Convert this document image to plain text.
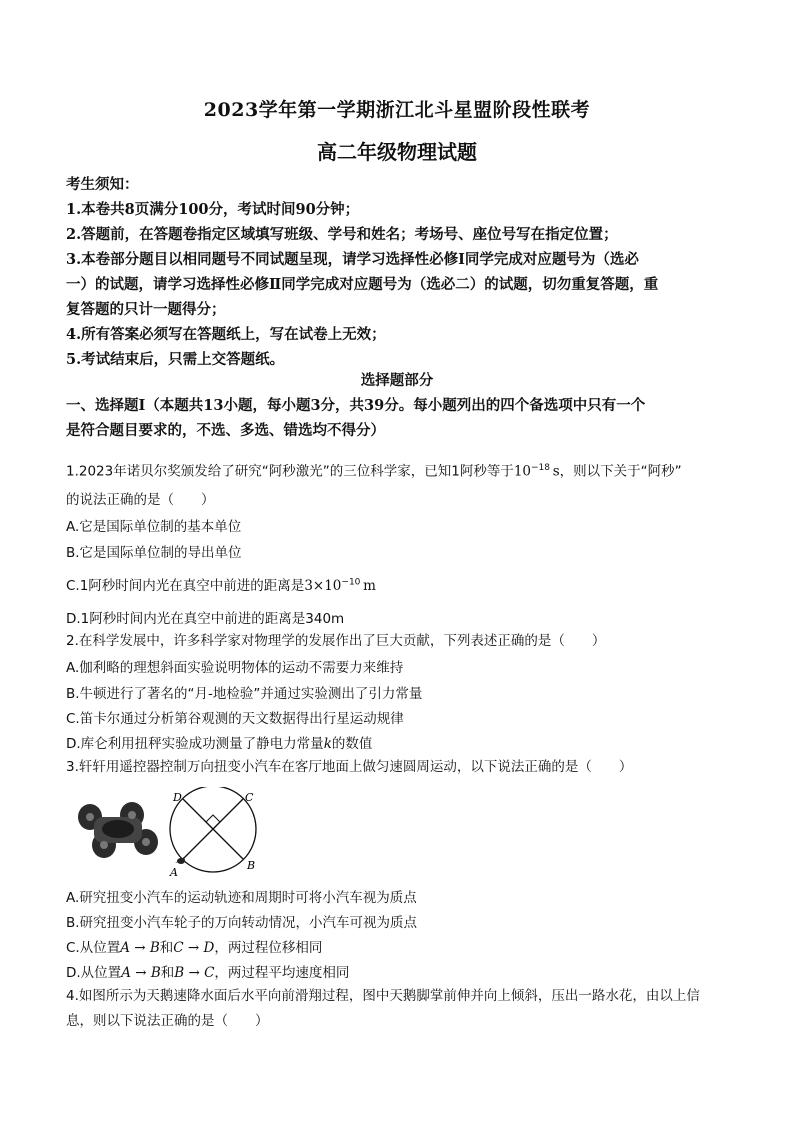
2023学年第一学期浙江北斗星盟阶段性联考
高二年级物理试题

考生须知：

1.本卷共8页满分100分，考试时间90分钟；

2.答题前，在答题卷指定区域填写班级、学号和姓名；考场号、座位号写在指定位置；

3.本卷部分题目以相同题号不同试题呈现，请学习选择性必修Ⅰ同学完成对应题号为（选必

一）的试题，请学习选择性必修Ⅱ同学完成对应题号为（选必二）的试题，切勿重复答题，重

复答题的只计一题得分；

4.所有答案必须写在答题纸上，写在试卷上无效；

5.考试结束后，只需上交答题纸。

选择题部分
一、选择题Ⅰ（本题共13小题，每小题3分，共39分。每小题列出的四个备选项中只有一个
是符合题目要求的，不选、多选、错选均不得分）
1.2023年诺贝尔奖颁发给了研究“阿秒激光”的三位科学家，已知1阿秒等于$10^{-18}$  s，则以下关于“阿秒”
的说法正确的是（　　）
A.它是国际单位制的基本单位
B.它是国际单位制的导出单位
C.1阿秒时间内光在真空中前进的距离是$3\times 10^{-10}$  m
D.1阿秒时间内光在真空中前进的距离是340m
2.在科学发展中，许多科学家对物理学的发展作出了巨大贡献，下列表述正确的是（　　）
A.伽利略的理想斜面实验说明物体的运动不需要力来维持
B.牛顿进行了著名的“月-地检验”并通过实验测出了引力常量
C.笛卡尔通过分析第谷观测的天文数据得出行星运动规律
D.库仑利用扭秤实验成功测量了静电力常量k的数值
3.轩轩用遥控器控制万向扭变小汽车在客厅地面上做匀速圆周运动，以下说法正确的是（　　）
D	C
A
B
A.研究扭变小汽车的运动轨迹和周期时可将小汽车视为质点
B.研究扭变小汽车轮子的万向转动情况，小汽车可视为质点
C.从位置A → B和C → D，两过程位移相同
D.从位置A → B和B → C，两过程平均速度相同
4.如图所示为天鹅速降水面后水平向前滑翔过程，图中天鹅脚掌前伸并向上倾斜，压出一路水花，由以上信
息，则以下说法正确的是（　　）
